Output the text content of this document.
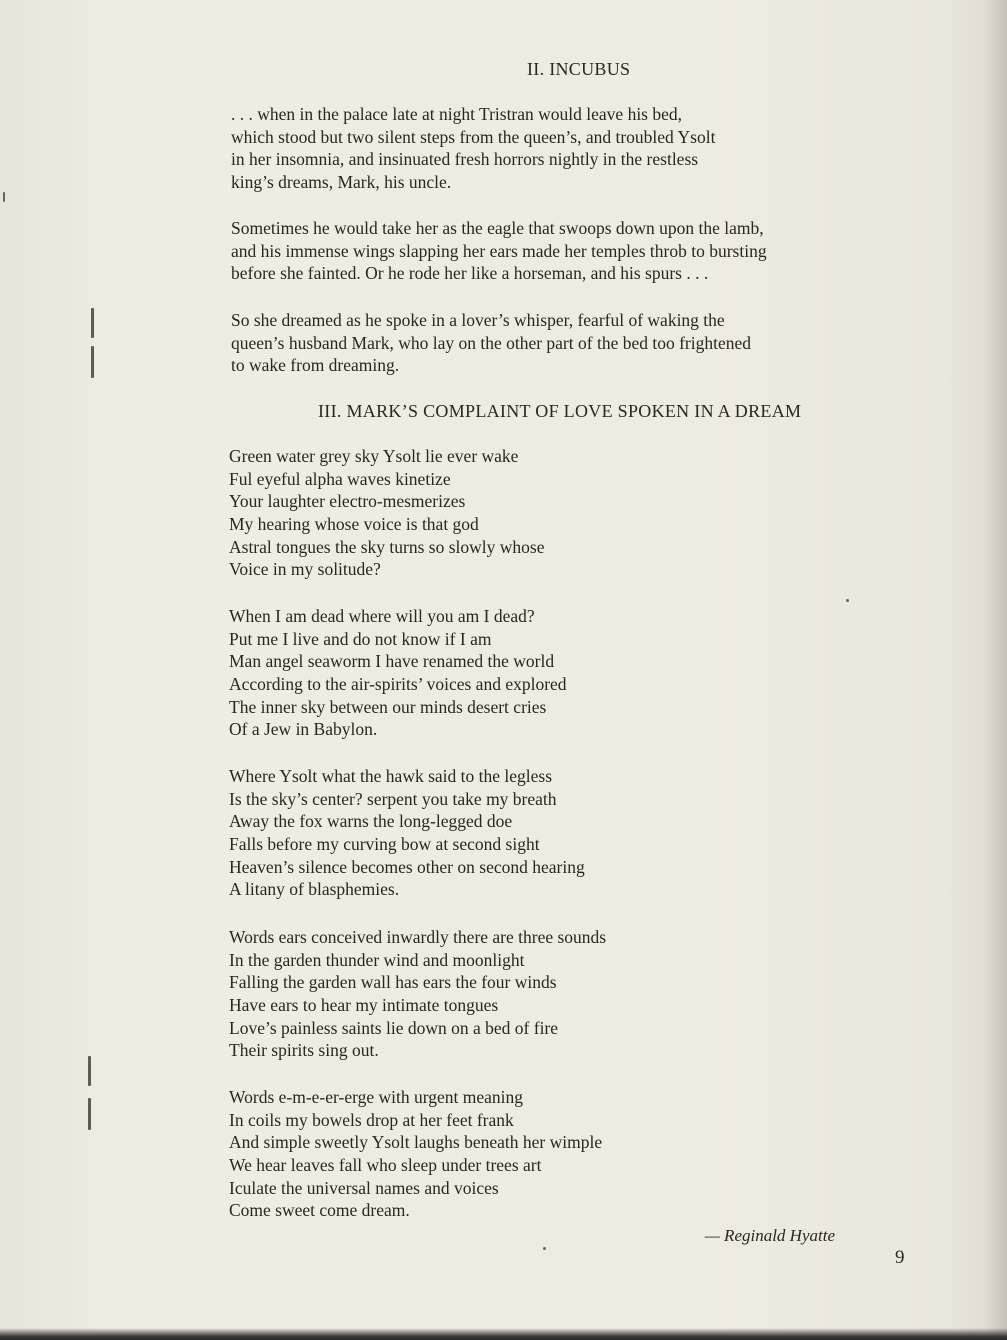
II. INCUBUS
. . . when in the palace late at night Tristran would leave his bed,
which stood but two silent steps from the queen’s, and troubled Ysolt
in her insomnia, and insinuated fresh horrors nightly in the restless
king’s dreams, Mark, his uncle.
Sometimes he would take her as the eagle that swoops down upon the lamb,
and his immense wings slapping her ears made her temples throb to bursting
before she fainted. Or he rode her like a horseman, and his spurs . . .
So she dreamed as he spoke in a lover’s whisper, fearful of waking the
queen’s husband Mark, who lay on the other part of the bed too frightened
to wake from dreaming.
III. MARK’S COMPLAINT OF LOVE SPOKEN IN A DREAM
Green water grey sky Ysolt lie ever wake
Ful eyeful alpha waves kinetize
Your laughter electro-mesmerizes
My hearing whose voice is that god
Astral tongues the sky turns so slowly whose
Voice in my solitude?
When I am dead where will you am I dead?
Put me I live and do not know if I am
Man angel seaworm I have renamed the world
According to the air-spirits’ voices and explored
The inner sky between our minds desert cries
Of a Jew in Babylon.
Where Ysolt what the hawk said to the legless
Is the sky’s center? serpent you take my breath
Away the fox warns the long-legged doe
Falls before my curving bow at second sight
Heaven’s silence becomes other on second hearing
A litany of blasphemies.
Words ears conceived inwardly there are three sounds
In the garden thunder wind and moonlight
Falling the garden wall has ears the four winds
Have ears to hear my intimate tongues
Love’s painless saints lie down on a bed of fire
Their spirits sing out.
Words e-m-e-er-erge with urgent meaning
In coils my bowels drop at her feet frank
And simple sweetly Ysolt laughs beneath her wimple
We hear leaves fall who sleep under trees art
Iculate the universal names and voices
Come sweet come dream.
— Reginald Hyatte
9
